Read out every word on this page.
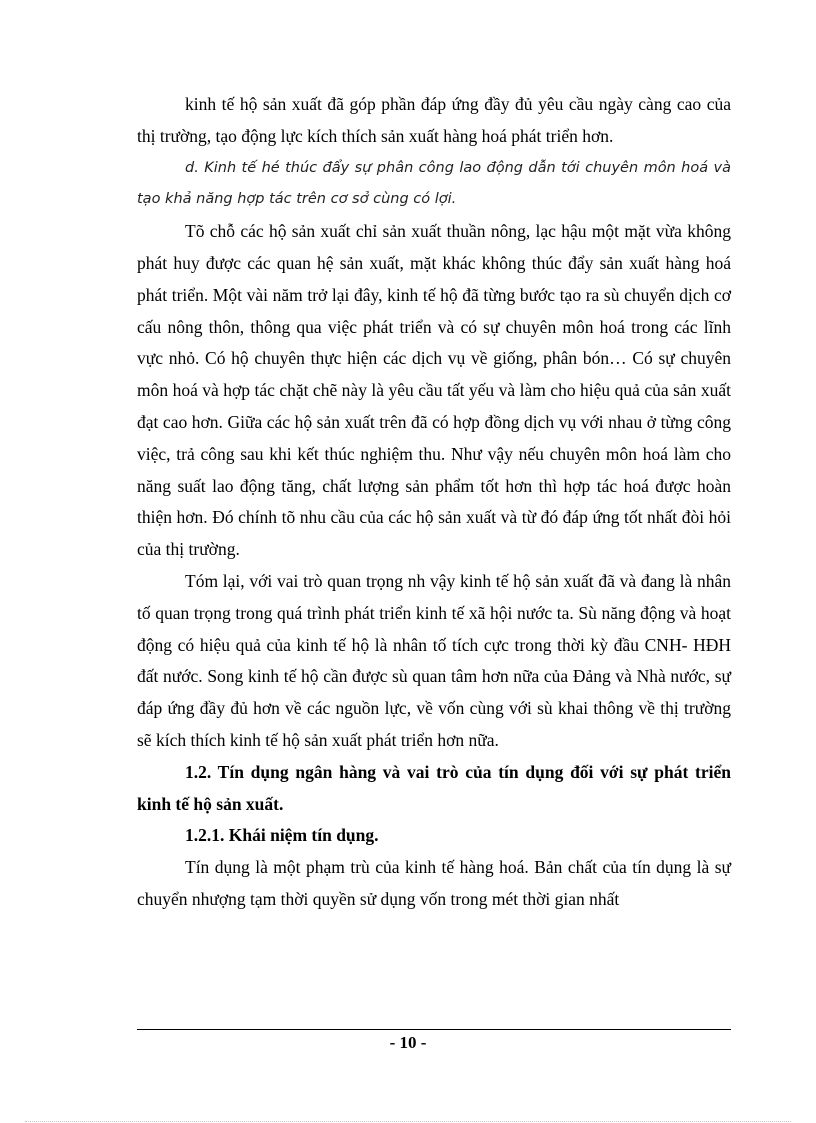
kinh tế hộ sản xuất đã góp phần đáp ứng đầy đủ yêu cầu ngày càng cao của thị trường, tạo động lực kích thích sản xuất hàng hoá phát triển hơn.

d. Kinh tế hé thúc đẩy sự phân công lao động dẫn tới chuyên môn hoá và tạo khả năng hợp tác trên cơ sở cùng có lợi.

Tõ chỗ các hộ sản xuất chỉ sản xuất thuần nông, lạc hậu một mặt vừa không phát huy được các quan hệ sản xuất, mặt khác không thúc đẩy sản xuất hàng hoá phát triển. Một vài năm trở lại đây, kinh tế hộ đã từng bước tạo ra sù chuyển dịch cơ cấu nông thôn, thông qua việc phát triển và có sự chuyên môn hoá trong các lĩnh vực nhỏ. Có hộ chuyên thực hiện các dịch vụ về giống, phân bón… Có sự chuyên môn hoá và hợp tác chặt chẽ này là yêu cầu tất yếu và làm cho hiệu quả của sản xuất đạt cao hơn. Giữa các hộ sản xuất trên đã có hợp đồng dịch vụ với nhau ở từng công việc, trả công sau khi kết thúc nghiệm thu. Như vậy nếu chuyên môn hoá làm cho năng suất lao động tăng, chất lượng sản phẩm tốt hơn thì hợp tác hoá được hoàn thiện hơn. Đó chính tõ nhu cầu của các hộ sản xuất và từ đó đáp ứng tốt nhất đòi hỏi của thị trường.

Tóm lại, với vai trò quan trọng nh vậy kinh tế hộ sản xuất đã và đang là nhân tố quan trọng trong quá trình phát triển kinh tế xã hội nước ta. Sù năng động và hoạt động có hiệu quả của kinh tế hộ là nhân tố tích cực trong thời kỳ đầu CNH- HĐH đất nước. Song kinh tế hộ cần được sù quan tâm hơn nữa của Đảng và Nhà nước, sự đáp ứng đầy đủ hơn về các nguồn lực, về vốn cùng với sù khai thông về thị trường sẽ kích thích kinh tế hộ sản xuất phát triển hơn nữa.

1.2. Tín dụng ngân hàng và vai trò của tín dụng đối với sự phát triển kinh tế hộ sản xuất.

1.2.1. Khái niệm tín dụng.

Tín dụng là một phạm trù của kinh tế hàng hoá. Bản chất của tín dụng là sự chuyển nhượng tạm thời quyền sử dụng vốn trong mét thời gian nhất

- 10 -
